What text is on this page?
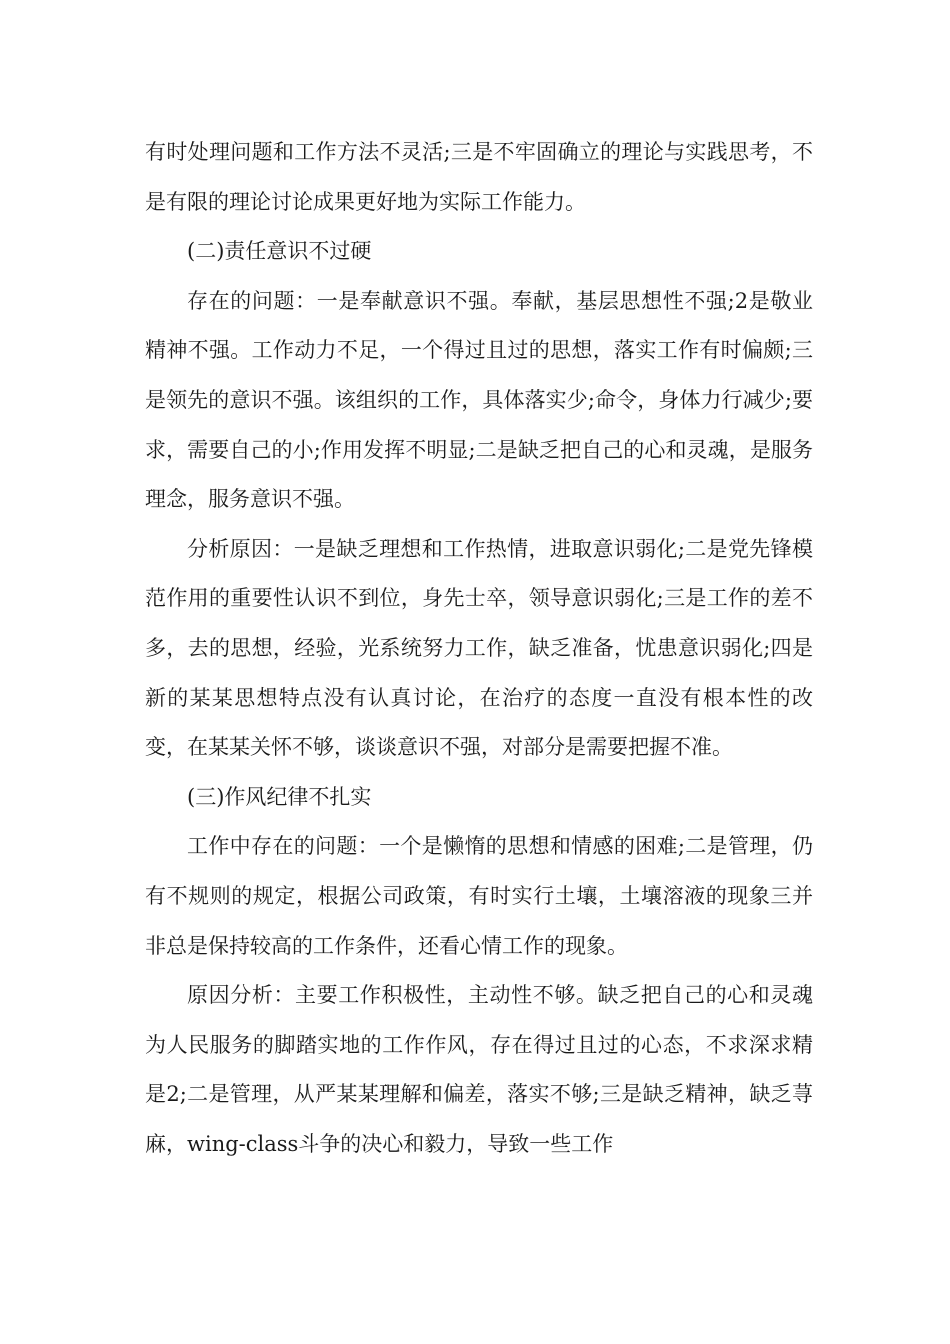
有时处理问题和工作方法不灵活;三是不牢固确立的理论与实践思考，不是有限的理论讨论成果更好地为实际工作能力。

(二)责任意识不过硬

存在的问题：一是奉献意识不强。奉献，基层思想性不强;2是敬业精神不强。工作动力不足，一个得过且过的思想，落实工作有时偏颇;三是领先的意识不强。该组织的工作，具体落实少;命令，身体力行减少;要求，需要自己的小;作用发挥不明显;二是缺乏把自己的心和灵魂，是服务理念，服务意识不强。

分析原因：一是缺乏理想和工作热情，进取意识弱化;二是党先锋模范作用的重要性认识不到位，身先士卒，领导意识弱化;三是工作的差不多，去的思想，经验，光系统努力工作，缺乏准备，忧患意识弱化;四是新的某某思想特点没有认真讨论，在治疗的态度一直没有根本性的改变，在某某关怀不够，谈谈意识不强，对部分是需要把握不准。

(三)作风纪律不扎实

工作中存在的问题：一个是懒惰的思想和情感的困难;二是管理，仍有不规则的规定，根据公司政策，有时实行土壤，土壤溶液的现象三并非总是保持较高的工作条件，还看心情工作的现象。

原因分析：主要工作积极性，主动性不够。缺乏把自己的心和灵魂为人民服务的脚踏实地的工作作风，存在得过且过的心态，不求深求精是2;二是管理，从严某某理解和偏差，落实不够;三是缺乏精神，缺乏荨麻，wing-class斗争的决心和毅力，导致一些工作
